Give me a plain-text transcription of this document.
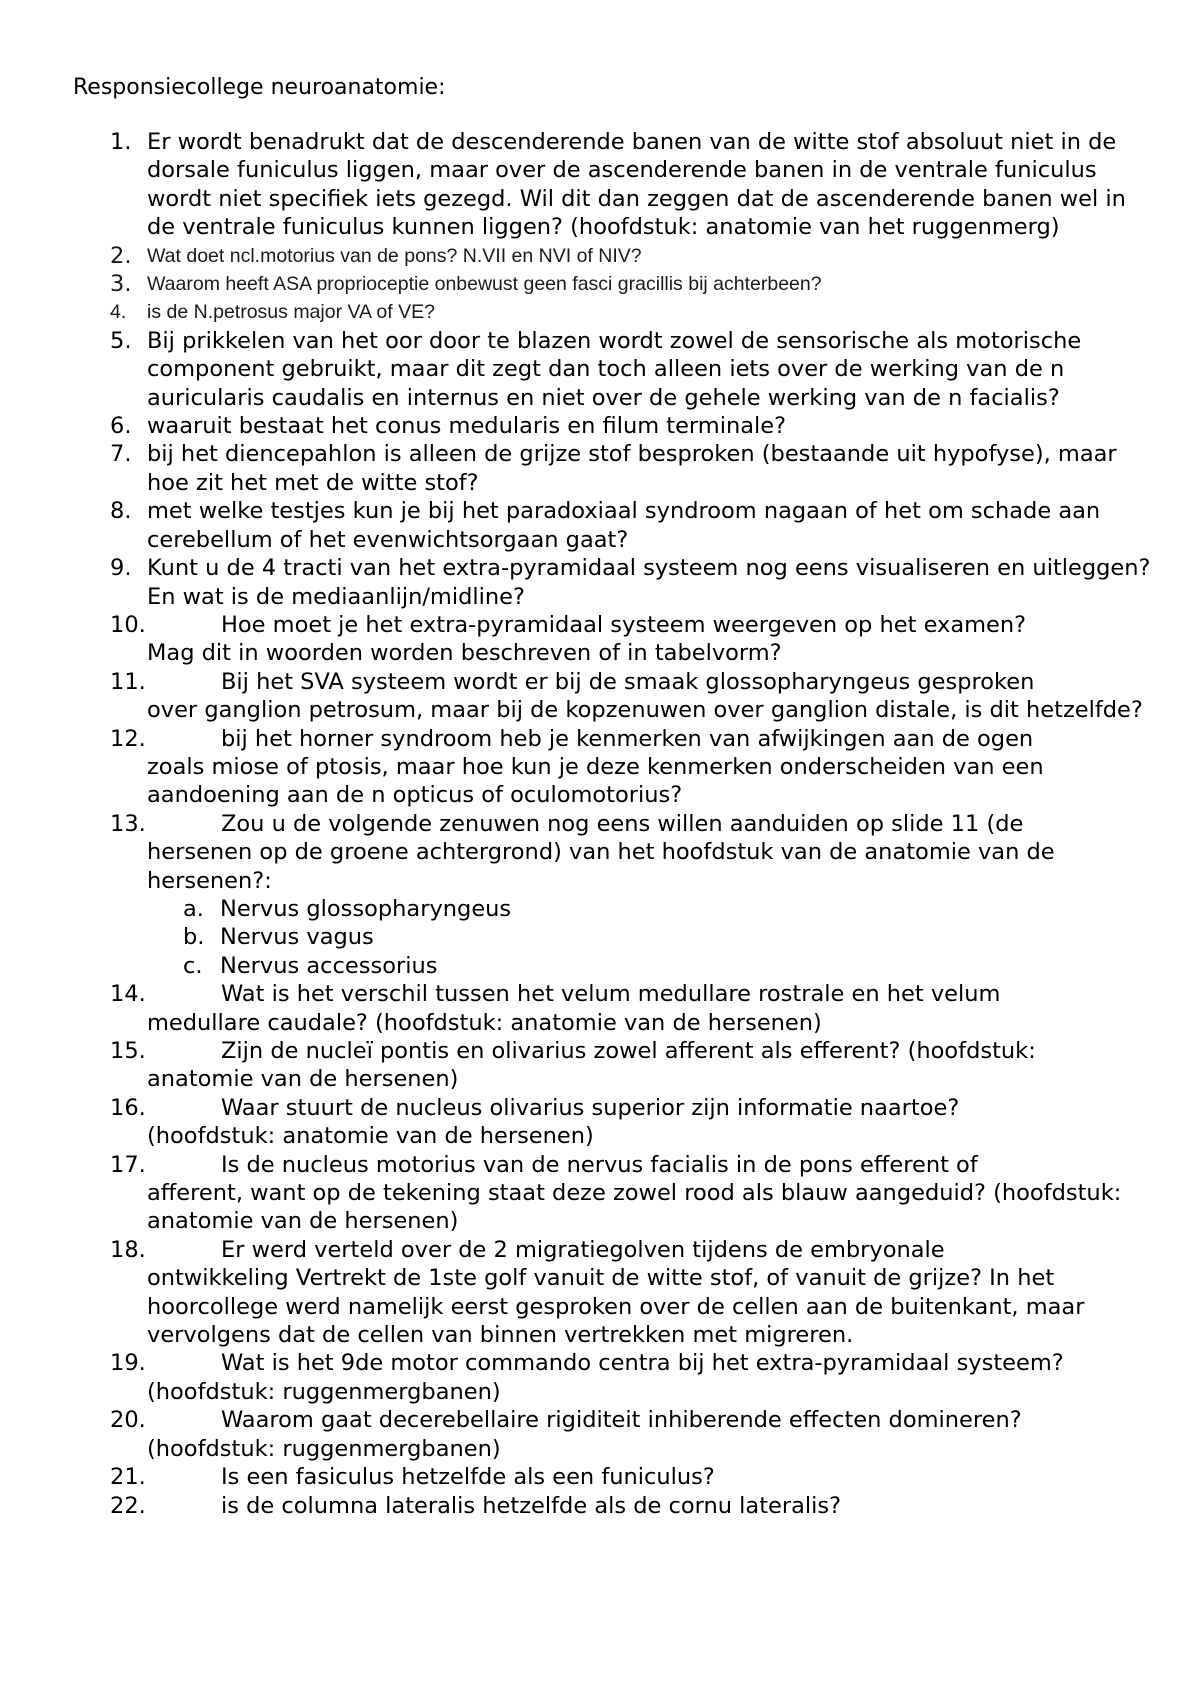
Responsiecollege neuroanatomie:
1. Er wordt benadrukt dat de descenderende banen van de witte stof absoluut niet in de dorsale funiculus liggen, maar over de ascenderende banen in de ventrale funiculus wordt niet specifiek iets gezegd. Wil dit dan zeggen dat de ascenderende banen wel in de ventrale funiculus kunnen liggen? (hoofdstuk: anatomie van het ruggenmerg)
2. Wat doet ncl.motorius van de pons? N.VII en NVI of NIV?
3. Waarom heeft ASA proprioceptie onbewust geen fasci gracillis bij achterbeen?
4. is de N.petrosus major VA of VE?
5. Bij prikkelen van het oor door te blazen wordt zowel de sensorische als motorische component gebruikt, maar dit zegt dan toch alleen iets over de werking van de n auricularis caudalis en internus en niet over de gehele werking van de n facialis?
6. waaruit bestaat het conus medularis en filum terminale?
7. bij het diencepahlon is alleen de grijze stof besproken (bestaande uit hypofyse), maar hoe zit het met de witte stof?
8. met welke testjes kun je bij het paradoxiaal syndroom nagaan of het om schade aan cerebellum of het evenwichtsorgaan gaat?
9. Kunt u de 4 tracti van het extra-pyramidaal systeem nog eens visualiseren en uitleggen? En wat is de mediaanlijn/midline?
10.	Hoe moet je het extra-pyramidaal systeem weergeven op het examen?
Mag dit in woorden worden beschreven of in tabelvorm?
11.	Bij het SVA systeem wordt er bij de smaak glossopharyngeus gesproken
over ganglion petrosum, maar bij de kopzenuwen over ganglion distale, is dit hetzelfde?
12.	bij het horner syndroom heb je kenmerken van afwijkingen aan de ogen
zoals miose of ptosis, maar hoe kun je deze kenmerken onderscheiden van een aandoening aan de n opticus of oculomotorius?
13.	Zou u de volgende zenuwen nog eens willen aanduiden op slide 11 (de
hersenen op de groene achtergrond) van het hoofdstuk van de anatomie van de hersenen?:
a. Nervus glossopharyngeus
b. Nervus vagus
c. Nervus accessorius
14.	Wat is het verschil tussen het velum medullare rostrale en het velum
medullare caudale? (hoofdstuk: anatomie van de hersenen)
15.	Zijn de nucleï pontis en olivarius zowel afferent als efferent? (hoofdstuk:
anatomie van de hersenen)
16.	Waar stuurt de nucleus olivarius superior zijn informatie naartoe?
(hoofdstuk: anatomie van de hersenen)
17.	Is de nucleus motorius van de nervus facialis in de pons efferent of
afferent, want op de tekening staat deze zowel rood als blauw aangeduid? (hoofdstuk: anatomie van de hersenen)
18.	Er werd verteld over de 2 migratiegolven tijdens de embryonale
ontwikkeling Vertrekt de 1ste golf vanuit de witte stof, of vanuit de grijze? In het hoorcollege werd namelijk eerst gesproken over de cellen aan de buitenkant, maar vervolgens dat de cellen van binnen vertrekken met migreren.
19.	Wat is het 9de motor commando centra bij het extra-pyramidaal systeem?
(hoofdstuk: ruggenmergbanen)
20.	Waarom gaat decerebellaire rigiditeit inhiberende effecten domineren?
(hoofdstuk: ruggenmergbanen)
21.	Is een fasiculus hetzelfde als een funiculus?
22.	is de columna lateralis hetzelfde als de cornu lateralis?
